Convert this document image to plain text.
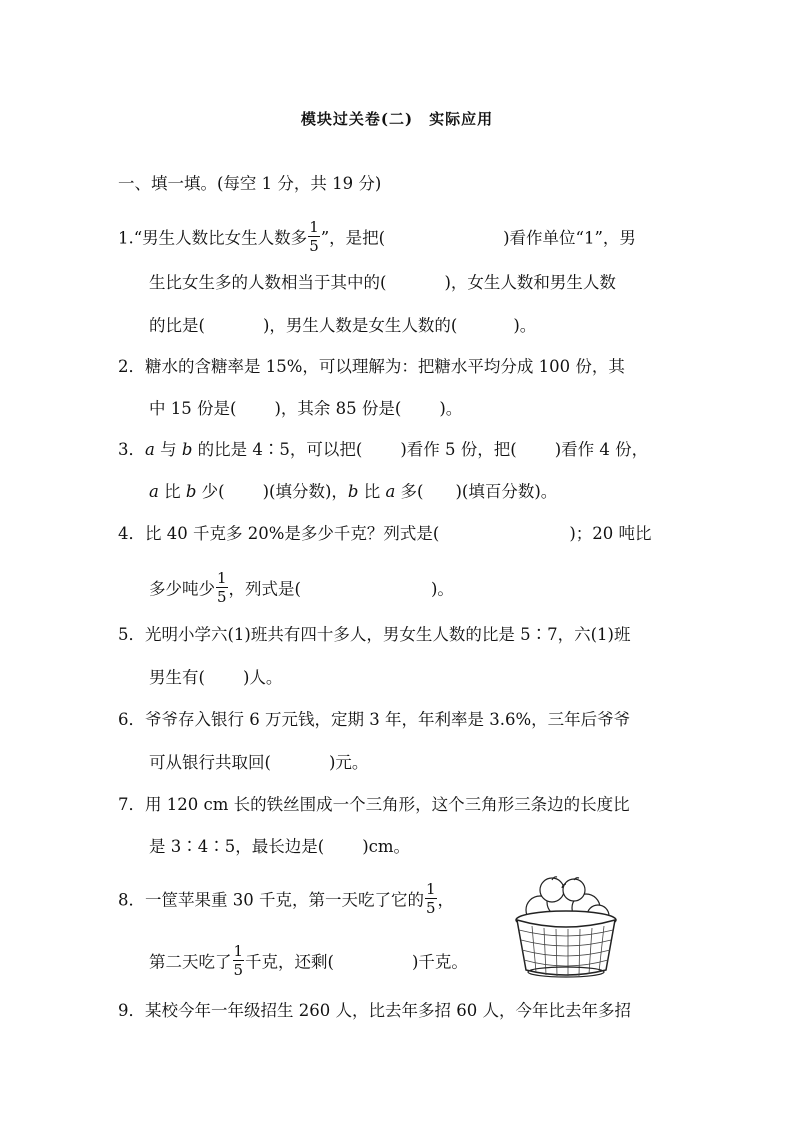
模块过关卷(二)　实际应用
一、填一填。(每空 1 分，共 19 分)
1.“男生人数比女生人数多 $\frac{1}{5}$ ”，是把(	)看作单位“1”，男
生比女生多的人数相当于其中的(	)，女生人数和男生人数
的比是(	)，男生人数是女生人数的(	)。
2．糖水的含糖率是 15%，可以理解为：把糖水平均分成 100 份，其
中 15 份是( )，其余 85 份是( )。
3．a 与 b 的比是 4∶5，可以把( )看作 5 份，把( )看作 4 份，
a 比 b 少( )(填分数)，b 比 a 多( )(填百分数)。
4．比 40 千克多 20%是多少千克？列式是(	)；20 吨比
多少吨少 $\frac{1}{5}$ ，列式是(	)。
5．光明小学六(1)班共有四十多人，男女生人数的比是 5∶7，六(1)班
男生有( )人。
6．爷爷存入银行 6 万元钱，定期 3 年，年利率是 3.6%，三年后爷爷
可从银行共取回(	)元。
7．用 120 cm 长的铁丝围成一个三角形，这个三角形三条边的长度比
是 3∶4∶5，最长边是( )cm。
8．一筐苹果重 30 千克，第一天吃了它的 $\frac{1}{5}$ ，
第二天吃了 $\frac{1}{5}$ 千克，还剩(	)千克。
9．某校今年一年级招生 260 人，比去年多招 60 人，今年比去年多招
